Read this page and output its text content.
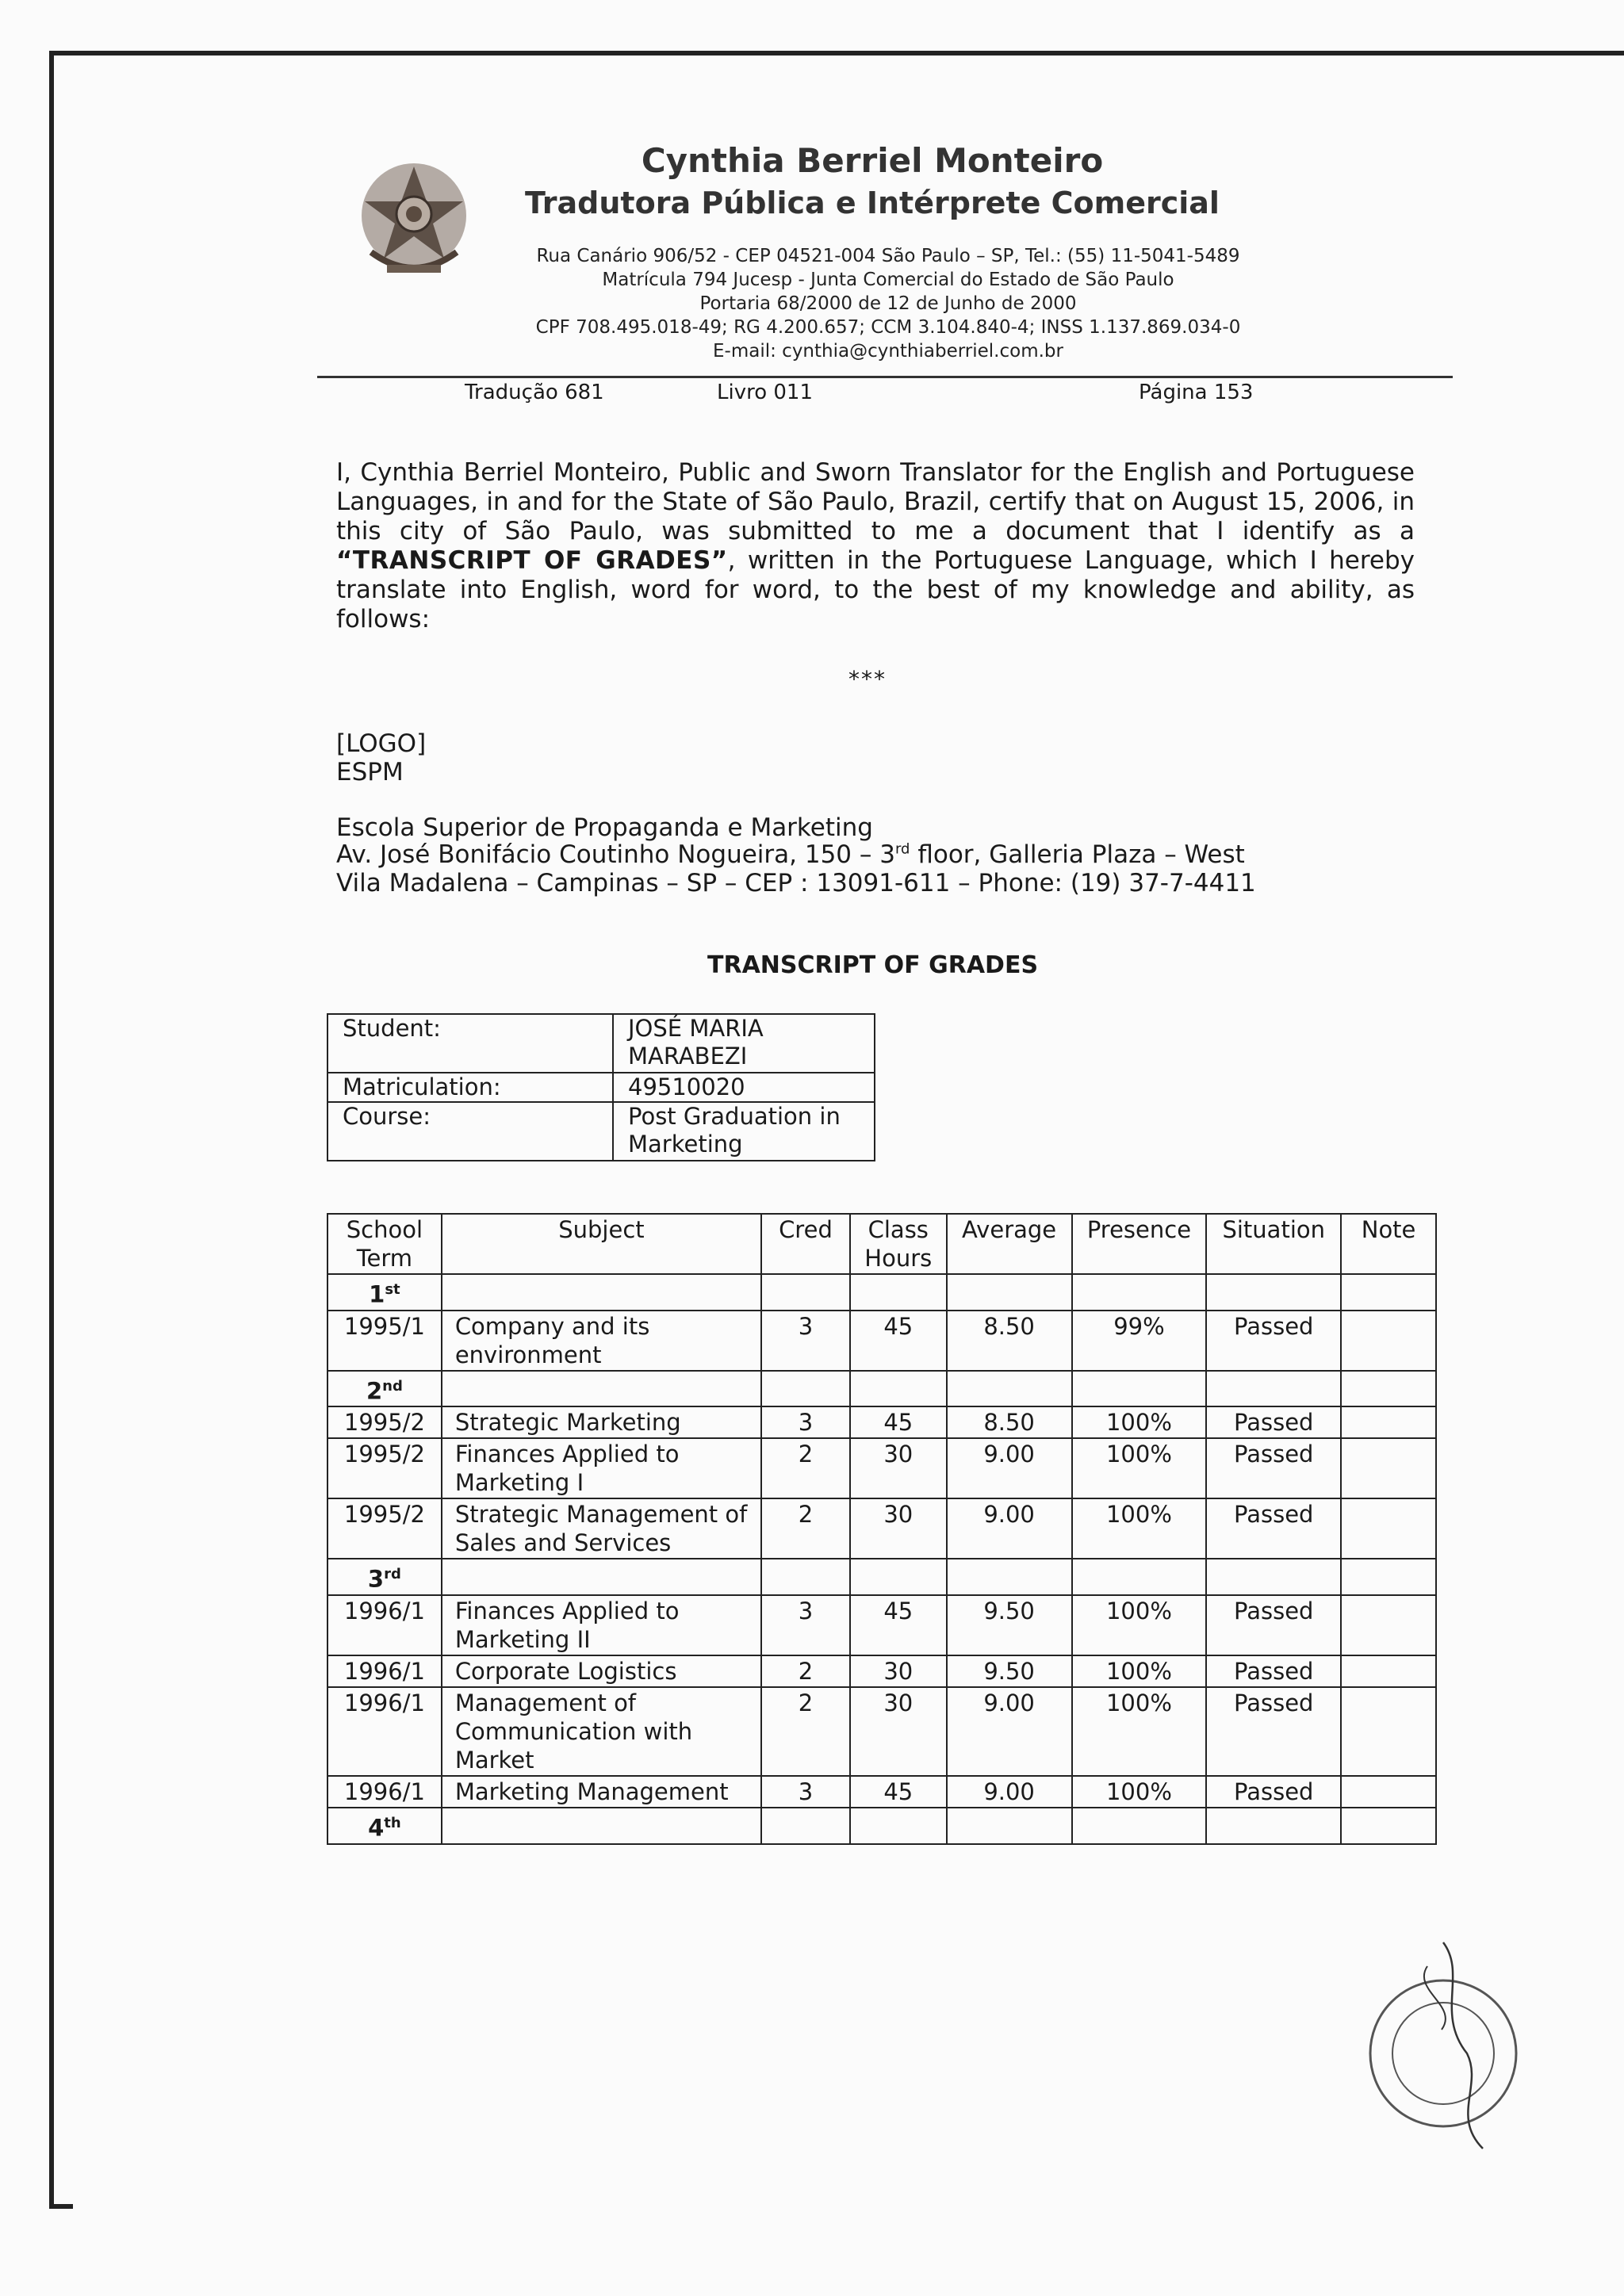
Cynthia Berriel Monteiro
Tradutora Pública e Intérprete Comercial
Rua Canário 906/52 - CEP 04521-004 São Paulo – SP, Tel.: (55) 11-5041-5489
Matrícula 794 Jucesp - Junta Comercial do Estado de São Paulo
Portaria 68/2000 de 12 de Junho de 2000
CPF 708.495.018-49; RG 4.200.657; CCM 3.104.840-4; INSS 1.137.869.034-0
E-mail: cynthia@cynthiaberriel.com.br
Tradução 681	Livro 011	Página 153
I, Cynthia Berriel Monteiro, Public and Sworn Translator for the English and Portuguese Languages, in and for the State of São Paulo, Brazil, certify that on August 15, 2006, in this city of São Paulo, was submitted to me a document that I identify as a “TRANSCRIPT OF GRADES”, written in the Portuguese Language, which I hereby translate into English, word for word, to the best of my knowledge and ability, as follows:
***
[LOGO]
ESPM
Escola Superior de Propaganda e Marketing
Av. José Bonifácio Coutinho Nogueira, 150 – 3rd floor, Galleria Plaza – West
Vila Madalena – Campinas – SP – CEP : 13091-611 – Phone: (19) 37-7-4411
TRANSCRIPT OF GRADES
Student:	JOSÉ MARIA MARABEZI
Matriculation:	49510020
Course:	Post Graduation in Marketing
School Term	Subject	Cred	Class Hours	Average	Presence	Situation	Note
1st							
1995/1	Company and its environment	3	45	8.50	99%	Passed	
2nd							
1995/2	Strategic Marketing	3	45	8.50	100%	Passed	
1995/2	Finances Applied to Marketing I	2	30	9.00	100%	Passed	
1995/2	Strategic Management of Sales and Services	2	30	9.00	100%	Passed	
3rd							
1996/1	Finances Applied to Marketing II	3	45	9.50	100%	Passed	
1996/1	Corporate Logistics	2	30	9.50	100%	Passed	
1996/1	Management of Communication with Market	2	30	9.00	100%	Passed	
1996/1	Marketing Management	3	45	9.00	100%	Passed	
4th							
